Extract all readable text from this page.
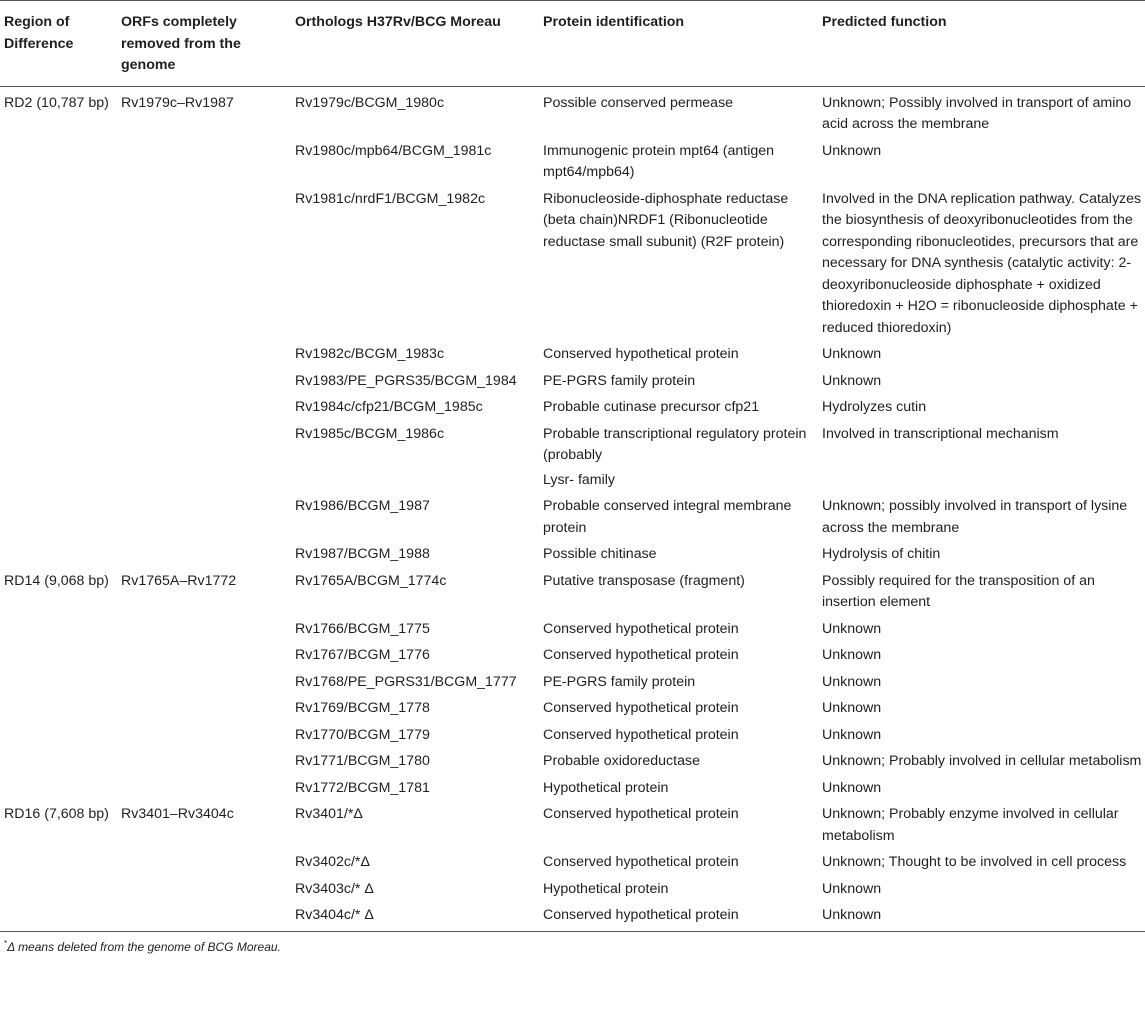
Region of Difference	ORFs completely removed from the genome	Orthologs H37Rv/BCG Moreau	Protein identification	Predicted function
RD2 (10,787 bp)	Rv1979c–Rv1987	Rv1979c/BCGM_1980c	Possible conserved permease	Unknown; Possibly involved in transport of amino acid across the membrane
		Rv1980c/mpb64/BCGM_1981c	Immunogenic protein mpt64 (antigen mpt64/mpb64)	Unknown
		Rv1981c/nrdF1/BCGM_1982c	Ribonucleoside-diphosphate reductase (beta chain)NRDF1 (Ribonucleotide reductase small subunit) (R2F protein)	Involved in the DNA replication pathway. Catalyzes the biosynthesis of deoxyribonucleotides from the corresponding ribonucleotides, precursors that are necessary for DNA synthesis (catalytic activity: 2-deoxyribonucleoside diphosphate + oxidized thioredoxin + H2O = ribonucleoside diphosphate + reduced thioredoxin)
		Rv1982c/BCGM_1983c	Conserved hypothetical protein	Unknown
		Rv1983/PE_PGRS35/BCGM_1984	PE-PGRS family protein	Unknown
		Rv1984c/cfp21/BCGM_1985c	Probable cutinase precursor cfp21	Hydrolyzes cutin
		Rv1985c/BCGM_1986c	Probable transcriptional regulatory protein (probably	Involved in transcriptional mechanism
			Lysr- family	
		Rv1986/BCGM_1987	Probable conserved integral membrane protein	Unknown; possibly involved in transport of lysine across the membrane
		Rv1987/BCGM_1988	Possible chitinase	Hydrolysis of chitin
RD14 (9,068 bp)	Rv1765A–Rv1772	Rv1765A/BCGM_1774c	Putative transposase (fragment)	Possibly required for the transposition of an insertion element
		Rv1766/BCGM_1775	Conserved hypothetical protein	Unknown
		Rv1767/BCGM_1776	Conserved hypothetical protein	Unknown
		Rv1768/PE_PGRS31/BCGM_1777	PE-PGRS family protein	Unknown
		Rv1769/BCGM_1778	Conserved hypothetical protein	Unknown
		Rv1770/BCGM_1779	Conserved hypothetical protein	Unknown
		Rv1771/BCGM_1780	Probable oxidoreductase	Unknown; Probably involved in cellular metabolism
		Rv1772/BCGM_1781	Hypothetical protein	Unknown
RD16 (7,608 bp)	Rv3401–Rv3404c	Rv3401/*Δ	Conserved hypothetical protein	Unknown; Probably enzyme involved in cellular metabolism
		Rv3402c/*Δ	Conserved hypothetical protein	Unknown; Thought to be involved in cell process
		Rv3403c/* Δ	Hypothetical protein	Unknown
		Rv3404c/* Δ	Conserved hypothetical protein	Unknown
*Δ means deleted from the genome of BCG Moreau.
